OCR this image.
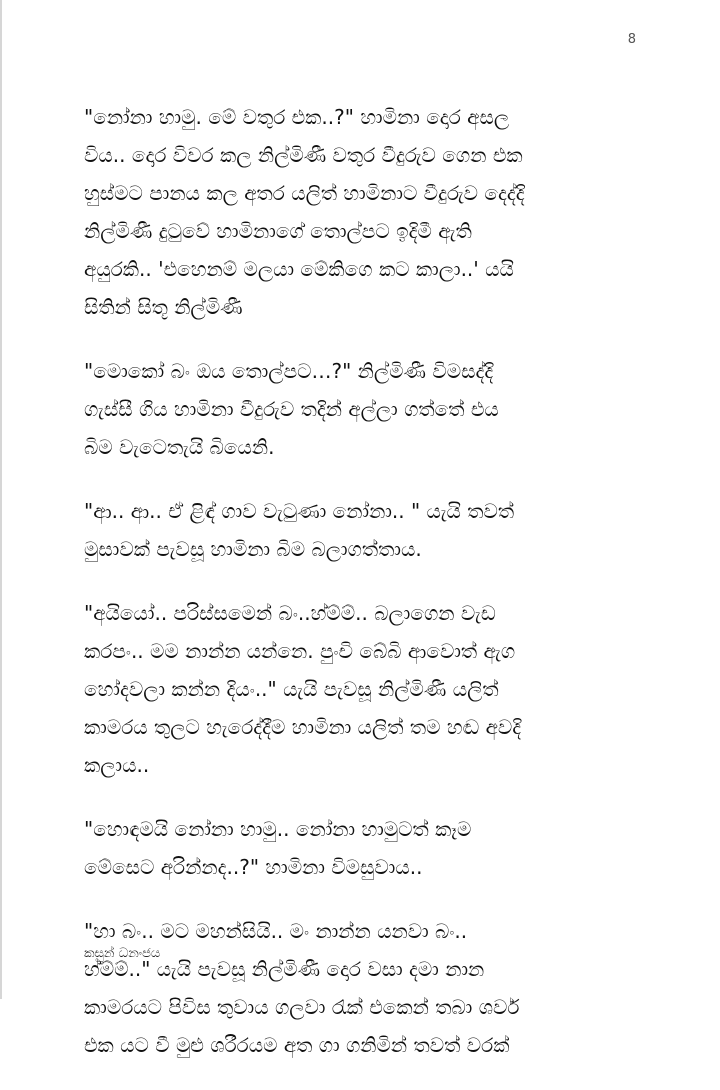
8

"නෝනා හාමු. මේ වතුර එක..?" හාමිනා දොර අසල
විය.. දොර විවර කල නිල්මිණී වතුර වීදුරුව ගෙන එක
හුස්මට පානය කල අතර යලිත් හාමිනාට වීදුරුව දෙද්දි
නිල්මිණී දුටුවේ හාමිනාගේ තොල්පට ඉදිමී ඇති
අයුරකි.. 'එහෙනම් මලයා මේකිගෙ කට කාලා..' යයි
සිතින් සිතූ නිල්මිණී

"මොකෝ බං ඔය තොල්පට…?" නිල්මිණී විමසද්දි
ගැස්සී ගිය හාමිනා වීදුරුව තදින් අල්ලා ගත්තේ එය
බිම වැටෙතැයි බියෙනි.

"ආ.. ආ.. ඒ ළිඳ් ගාව වැටුණා නෝනා.. " යැයි තවත්
මුසාවක් පැවසූ හාමිනා බිම බලාගත්තාය.

"අයියෝ.. පරිස්සමෙන් බං..හ්ම්ම්.. බලාගෙන වැඩ
කරපං.. මම නාන්න යන්නෙ. පුංචි බේබි ආවොත් ඇග
හෝදවලා කන්න දියං.." යැයි පැවසූ නිල්මිණී යලිත්
කාමරය තුලට හැරෙද්දීම හාමිනා යලිත් තම හඬ අවදි
කලාය..

"හොඳමයි නෝනා හාමු.. නෝනා හාමුටත් කෑම
මේසෙට අරින්නද..?" හාමිනා විමසුවාය..

"හා බං.. මට මහන්සියි.. මං නාන්න යනවා බං..
හ්ම්ම්.." යැයි පැවසූ නිල්මිණී දොර වසා දමා නාන
කාමරයට පිවිස තුවාය ගලවා රැක් එකෙන් තබා ශවර්
එක යට වී මුළු ශරීරයම අත ගා ගනිමින් තවත් වරක්

කසුන් ධනංජය
